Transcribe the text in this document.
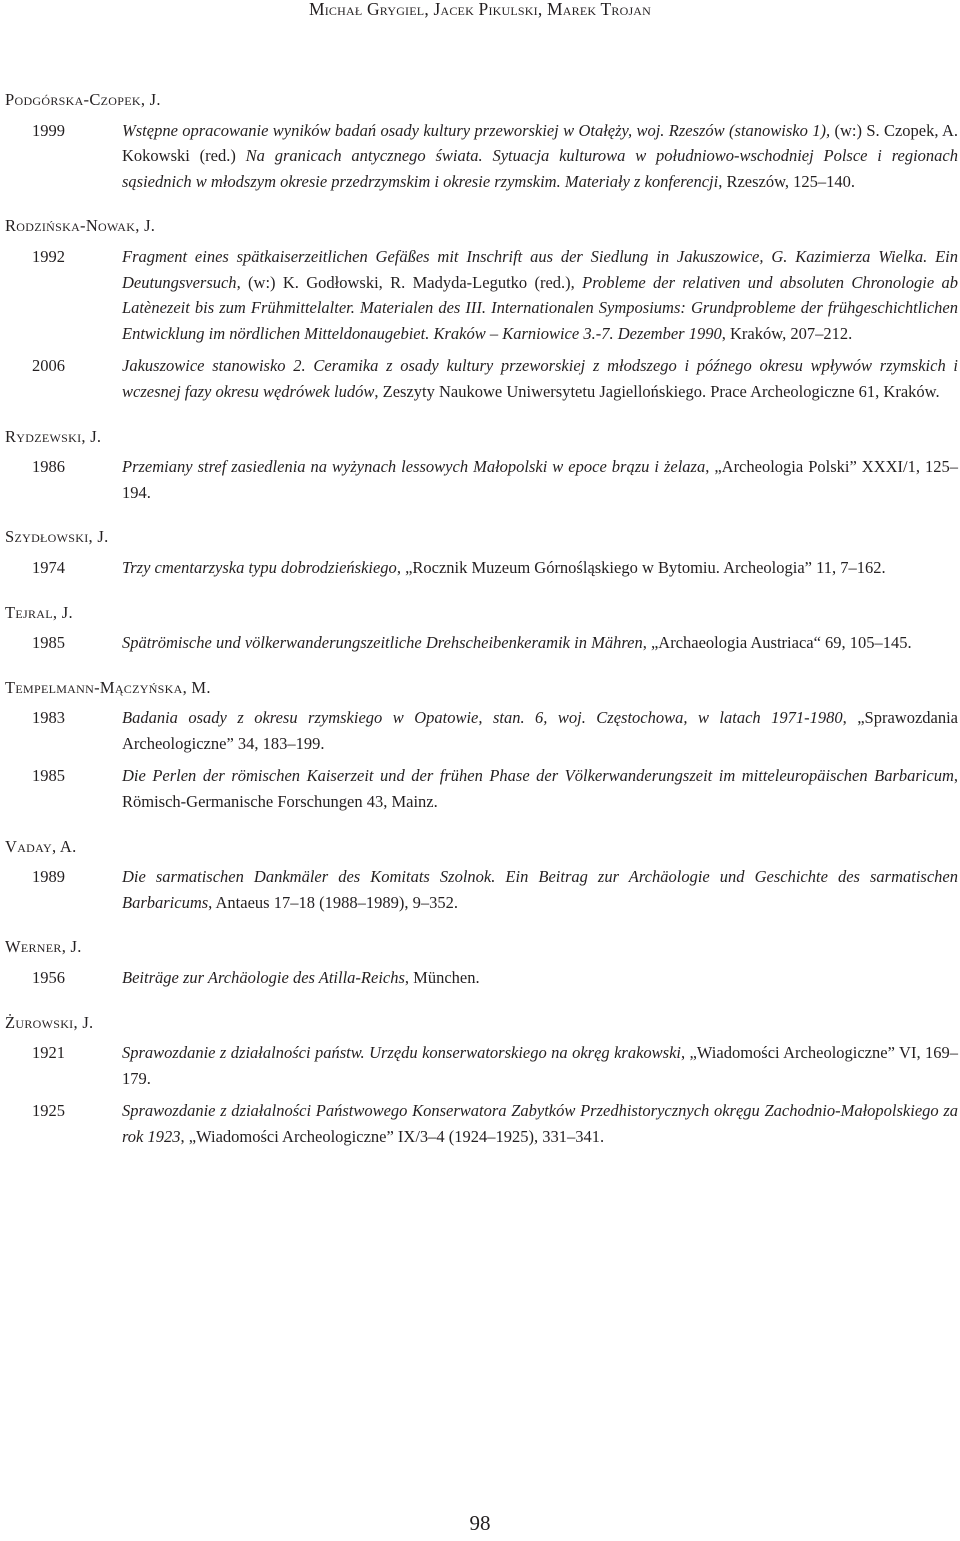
Michał Grygiel, Jacek Pikulski, Marek Trojan
Podgórska-Czopek, J.
1999	Wstępne opracowanie wyników badań osady kultury przeworskiej w Otałęży, woj. Rzeszów (stanowisko 1), (w:) S. Czopek, A. Kokowski (red.) Na granicach antycznego świata. Sytuacja kulturowa w południowo-wschodniej Polsce i regionach sąsiednich w młodszym okresie przedrzymskim i okresie rzymskim. Materiały z konferencji, Rzeszów, 125–140.
Rodzińska-Nowak, J.
1992	Fragment eines spätkaiserzeitlichen Gefäßes mit Inschrift aus der Siedlung in Jakuszowice, G. Kazimierza Wielka. Ein Deutungsversuch, (w:) K. Godłowski, R. Madyda-Legutko (red.), Probleme der relativen und absoluten Chronologie ab Latènezeit bis zum Frühmittelalter. Materialen des III. Internationalen Symposiums: Grundprobleme der frühgeschichtlichen Entwicklung im nördlichen Mitteldonaugebiet. Kraków – Karniowice 3.-7. Dezember 1990, Kraków, 207–212.
2006	Jakuszowice stanowisko 2. Ceramika z osady kultury przeworskiej z młodszego i późnego okresu wpływów rzymskich i wczesnej fazy okresu wędrówek ludów, Zeszyty Naukowe Uniwersytetu Jagiellońskiego. Prace Archeologiczne 61, Kraków.
Rydzewski, J.
1986	Przemiany stref zasiedlenia na wyżynach lessowych Małopolski w epoce brązu i żelaza, „Archeologia Polski” XXXI/1, 125–194.
Szydłowski, J.
1974	Trzy cmentarzyska typu dobrodzieńskiego, „Rocznik Muzeum Górnośląskiego w Bytomiu. Archeologia” 11, 7–162.
Tejral, J.
1985	Spätrömische und völkerwanderungszeitliche Drehscheibenkeramik in Mähren, „Archaeologia Austriaca“ 69, 105–145.
Tempelmann-Mączyńska, M.
1983	Badania osady z okresu rzymskiego w Opatowie, stan. 6, woj. Częstochowa, w latach 1971-1980, „Sprawozdania Archeologiczne” 34, 183–199.
1985	Die Perlen der römischen Kaiserzeit und der frühen Phase der Völkerwanderungszeit im mitteleuropäischen Barbaricum, Römisch-Germanische Forschungen 43, Mainz.
Vaday, A.
1989	Die sarmatischen Dankmäler des Komitats Szolnok. Ein Beitrag zur Archäologie und Geschichte des sarmatischen Barbaricums, Antaeus 17–18 (1988–1989), 9–352.
Werner, J.
1956	Beiträge zur Archäologie des Atilla-Reichs, München.
Żurowski, J.
1921	Sprawozdanie z działalności państw. Urzędu konserwatorskiego na okręg krakowski, „Wiadomości Archeologiczne” VI, 169–179.
1925	Sprawozdanie z działalności Państwowego Konserwatora Zabytków Przedhistorycznych okręgu Zachodnio-Małopolskiego za rok 1923, „Wiadomości Archeologiczne” IX/3–4 (1924–1925), 331–341.
98
